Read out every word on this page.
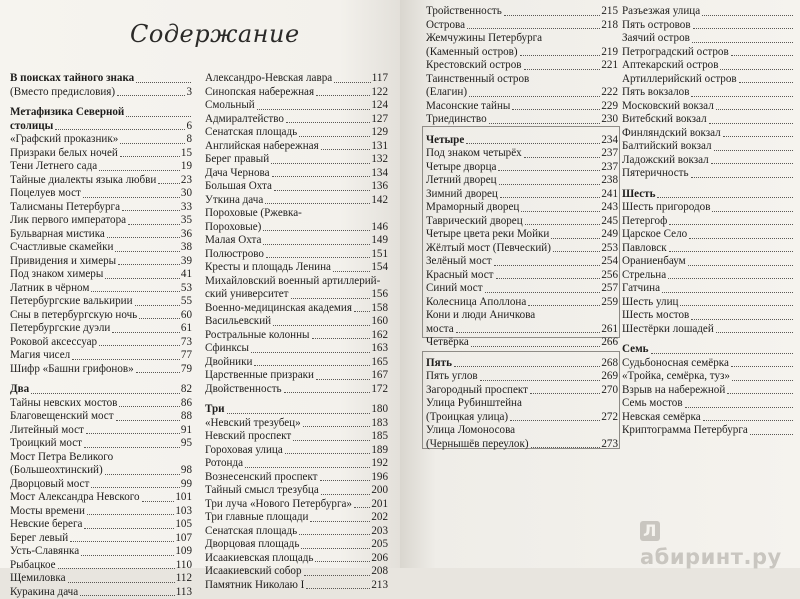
Содержание
В поисках тайного знака
(Вместо предисловия)	3
Метафизика Северной
столицы	6
«Графский проказник»	8
Призраки белых ночей	15
Тени Летнего сада	19
Тайные диалекты языка любви 23
Поцелуев мост	30
Талисманы Петербурга	33
Лик первого императора	35
Бульварная мистика	36
Счастливые скамейки	38
Привидения и химеры	39
Под знаком химеры	41
Латник в чёрном	53
Петербургские валькирии	55
Сны в петербургскую ночь	60
Петербургские дуэли	61
Роковой аксессуар	73
Магия чисел	77
Шифр «Башни грифонов»	79
Два	82
Тайны невских мостов	86
Благовещенский мост	88
Литейный мост	91
Троицкий мост	95
Мост Петра Великого
(Большеохтинский)	98
Дворцовый мост	99
Мост Александра Невского	101
Мосты времени	103
Невские берега	105
Берег левый	107
Усть-Славянка	109
Рыбацкое	110
Щемиловка	112
Куракина дача	113
Александро-Невская лавра	117
Синопская набережная	122
Смольный	124
Адмиралтейство	127
Сенатская площадь	129
Английская набережная	131
Берег правый	132
Дача Чернова	134
Большая Охта	136
Уткина дача	142
Пороховые (Ржевка-
Пороховые)	146
Малая Охта	149
Полюстрово	151
Кресты и площадь Ленина	154
Михайловский военный артиллерий-
ский университет	156
Военно-медицинская академия 158
Васильевский	160
Ростральные колонны	162
Сфинксы	163
Двойники	165
Царственные призраки	167
Двойственность	172
Три	180
«Невский трезубец»	183
Невский проспект	185
Гороховая улица	189
Ротонда	192
Вознесенский проспект	196
Тайный смысл трезубца	200
Три луча «Нового Петербурга» 201
Три главные площади	202
Сенатская площадь	203
Дворцовая площадь	205
Исаакиевская площадь	206
Исаакиевский собор	208
Памятник Николаю I	213
Тройственность	215
Острова	218
Жемчужины Петербурга
(Каменный остров)	219
Крестовский остров	221
Таинственный остров
(Елагин)	222
Масонские тайны	229
Триединство	230
Четыре	234
Под знаком четырёх	237
Четыре дворца	237
Летний дворец	238
Зимний дворец	241
Мраморный дворец	243
Таврический дворец	245
Четыре цвета реки Мойки	249
Жёлтый мост (Певческий)	253
Зелёный мост	254
Красный мост	256
Синий мост	257
Колесница Аполлона	259
Кони и люди Аничкова
моста	261
Четвёрка	266
Пять	268
Пять углов	269
Загородный проспект	270
Улица Рубинштейна
(Троицкая улица)	272
Улица Ломоносова
(Чернышёв переулок)	273
Разъезжая улица
Пять островов
Заячий остров
Петроградский остров
Аптекарский остров
Артиллерийский остров
Пять вокзалов
Московский вокзал
Витебский вокзал
Финляндский вокзал
Балтийский вокзал
Ладожский вокзал
Пятеричность
Шесть
Шесть пригородов
Петергоф
Царское Село
Павловск
Ораниенбаум
Стрельна
Гатчина
Шесть улиц
Шесть мостов
Шестёрки лошадей
Семь
Судьбоносная семёрка
«Тройка, семёрка, туз»
Взрыв на набережной
Семь мостов
Невская семёрка
Криптограмма Петербурга
Лабиринт.ру
